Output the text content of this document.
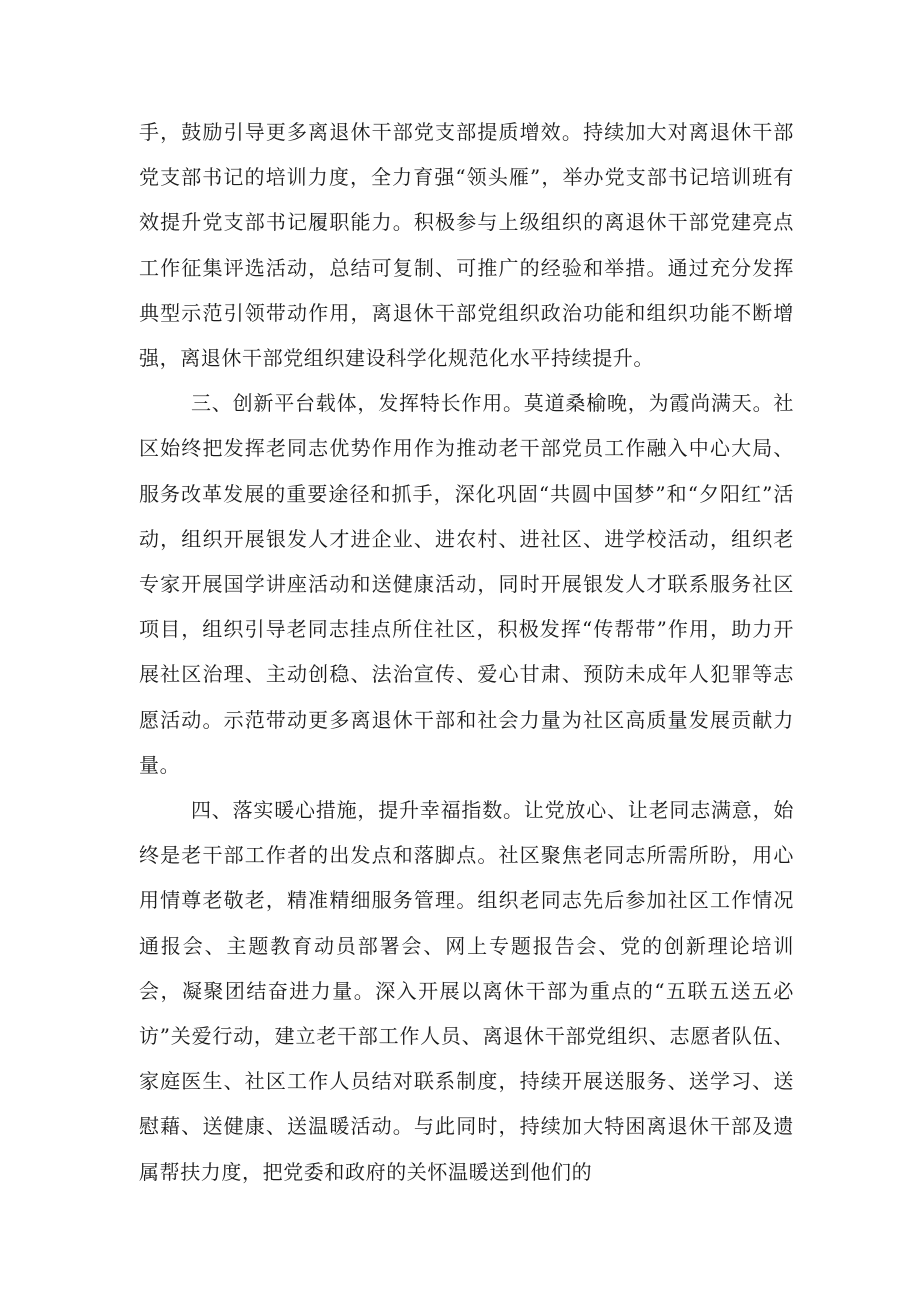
手，鼓励引导更多离退休干部党支部提质增效。持续加大对离退休干部党支部书记的培训力度，全力育强“领头雁”，举办党支部书记培训班有效提升党支部书记履职能力。积极参与上级组织的离退休干部党建亮点工作征集评选活动，总结可复制、可推广的经验和举措。通过充分发挥典型示范引领带动作用，离退休干部党组织政治功能和组织功能不断增强，离退休干部党组织建设科学化规范化水平持续提升。

三、创新平台载体，发挥特长作用。莫道桑榆晚，为霞尚满天。社区始终把发挥老同志优势作用作为推动老干部党员工作融入中心大局、服务改革发展的重要途径和抓手，深化巩固“共圆中国梦”和“夕阳红”活动，组织开展银发人才进企业、进农村、进社区、进学校活动，组织老专家开展国学讲座活动和送健康活动，同时开展银发人才联系服务社区项目，组织引导老同志挂点所住社区，积极发挥“传帮带”作用，助力开展社区治理、主动创稳、法治宣传、爱心甘肃、预防未成年人犯罪等志愿活动。示范带动更多离退休干部和社会力量为社区高质量发展贡献力量。

四、落实暖心措施，提升幸福指数。让党放心、让老同志满意，始终是老干部工作者的出发点和落脚点。社区聚焦老同志所需所盼，用心用情尊老敬老，精准精细服务管理。组织老同志先后参加社区工作情况通报会、主题教育动员部署会、网上专题报告会、党的创新理论培训会，凝聚团结奋进力量。深入开展以离休干部为重点的“五联五送五必访”关爱行动，建立老干部工作人员、离退休干部党组织、志愿者队伍、家庭医生、社区工作人员结对联系制度，持续开展送服务、送学习、送慰藉、送健康、送温暖活动。与此同时，持续加大特困离退休干部及遗属帮扶力度，把党委和政府的关怀温暖送到他们的
